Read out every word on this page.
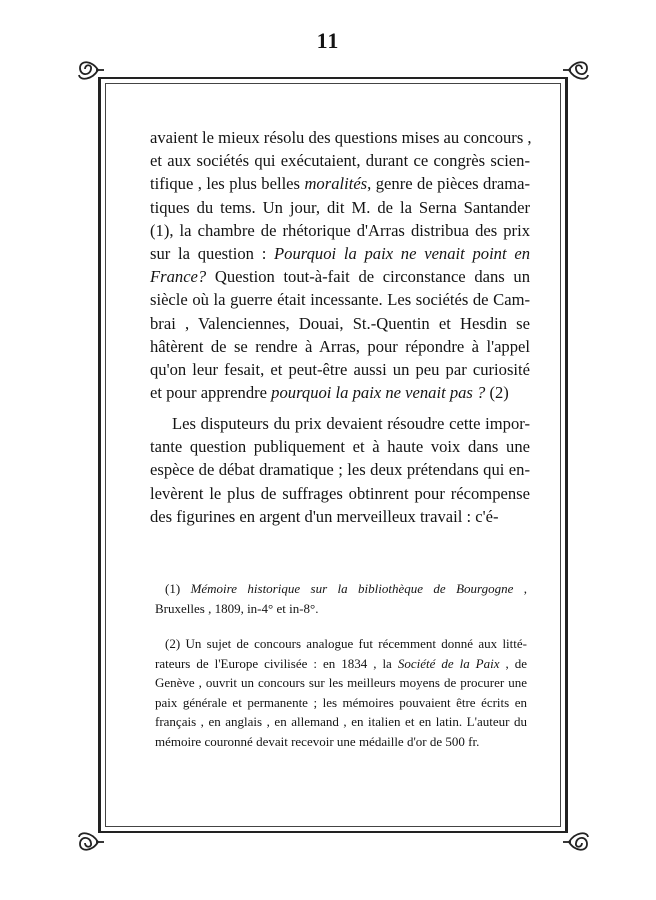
11
avaient le mieux résolu des questions mises au concours ,
et aux sociétés qui exécutaient, durant ce congrès scien-
tifique , les plus belles moralités, genre de pièces drama-
tiques du tems. Un jour, dit M. de la Serna Santander
(1), la chambre de rhétorique d'Arras distribua des prix
sur la question : Pourquoi la paix ne venait point en
France? Question tout-à-fait de circonstance dans un
siècle où la guerre était incessante. Les sociétés de Cam-
brai , Valenciennes, Douai, St.-Quentin et Hesdin se
hâtèrent de se rendre à Arras, pour répondre à l'appel
qu'on leur fesait, et peut-être aussi un peu par curiosité
et pour apprendre pourquoi la paix ne venait pas ? (2)
Les disputeurs du prix devaient résoudre cette impor-
tante question publiquement et à haute voix dans une
espèce de débat dramatique ; les deux prétendans qui en-
levèrent le plus de suffrages obtinrent pour récompense
des figurines en argent d'un merveilleux travail : c'é-
(1) Mémoire historique sur la bibliothèque de Bourgogne ,
Bruxelles , 1809, in-4° et in-8°.
(2) Un sujet de concours analogue fut récemment donné aux litté-
rateurs de l'Europe civilisée : en 1834 , la Société de la Paix , de
Genève , ouvrit un concours sur les meilleurs moyens de procurer une
paix générale et permanente ; les mémoires pouvaient être écrits en
français , en anglais , en allemand , en italien et en latin. L'auteur du
mémoire couronné devait recevoir une médaille d'or de 500 fr.
